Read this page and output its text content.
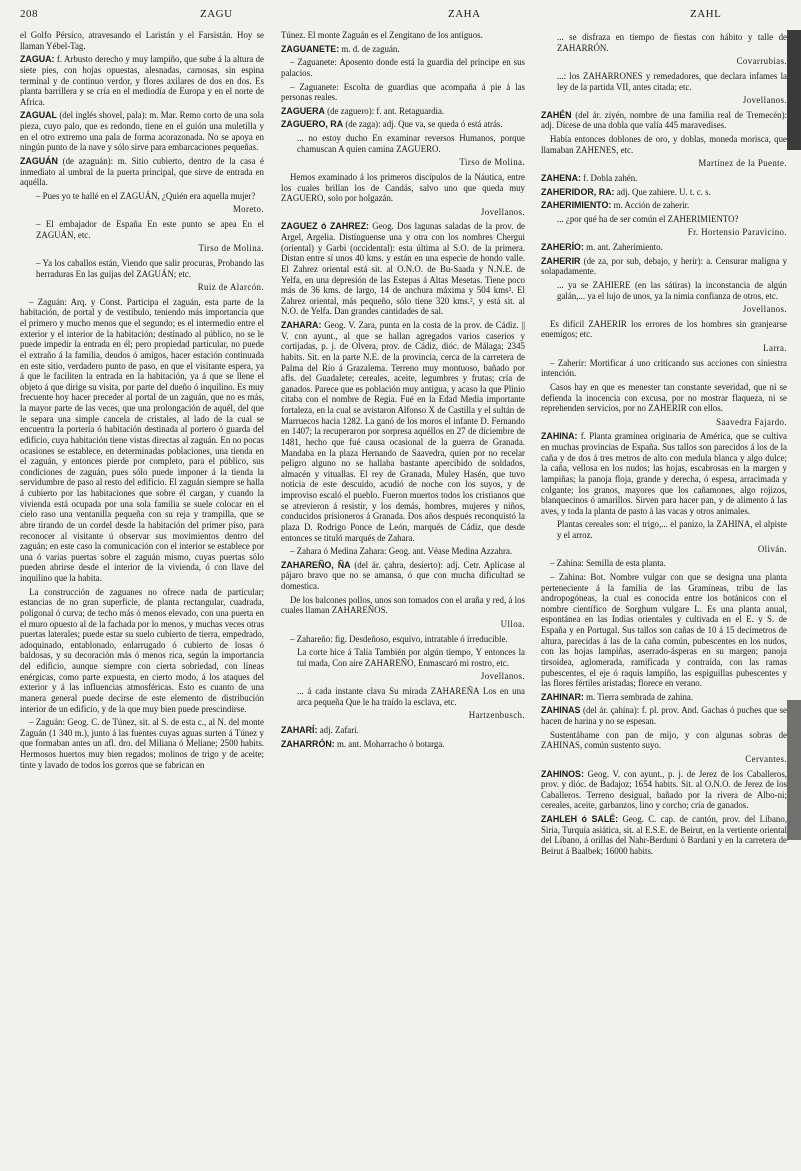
208	ZAGU	ZAHA	ZAHL

el Golfo Pérsico, atravesando el Laristán y el Farsistán. Hoy se llaman Yébel-Tag.

ZAGUA: f. Arbusto derecho y muy lampiño, que sube á la altura de siete pies, con hojas opuestas, alesnadas, carnosas, sin espina terminal y de continuo verdor, y flores axilares de dos en dos. Es planta barrillera y se cría en el mediodía de Europa y en el norte de Africa.

ZAGUAL (del inglés shovel, pala): m. Mar. Remo corto de una sola pieza, cuyo palo, que es redondo, tiene en el guión una muletilla y en el otro extremo una pala de forma acorazonada. No se apoya en ningún punto de la nave y sólo sirve para embarcaciones pequeñas.

ZAGUÁN (de azaguán): m. Sitio cubierto, dentro de la casa é inmediato al umbral de la puerta principal, que sirve de entrada en aquélla.

– Pues yo te hallé en el ZAGUÁN, ¿Quién era aquella mujer?

Moreto.

– El embajador de España En este punto se apea En el ZAGUÁN, etc.

Tirso de Molina.

– Ya los caballos están, Viendo que salir procuras, Probando las herraduras En las guijas del ZAGUÁN; etc.

Ruiz de Alarcón.

– Zaguán: Arq. y Const. Participa el zaguán, esta parte de la habitación, de portal y de vestíbulo, teniendo más importancia que el primero y mucho menos que el segundo; es el intermedio entre el exterior y el interior de la habitación; destinado al público, no se le puede impedir la entrada en él; pero propiedad particular, no puede el extraño á la familia, deudos ó amigos, hacer estación continuada en este sitio, verdadero punto de paso, en que el visitante espera, ya á que le faciliten la entrada en la habitación, ya á que se llene el objeto á que dirige su visita, por parte del dueño ó inquilino. Es muy frecuente hoy hacer preceder al portal de un zaguán, que no es más, la mayor parte de las veces, que una prolongación de aquél, del que le separa una simple cancela de cristales, al lado de la cual se encuentra la portería ó habitación destinada al portero ó guarda del edificio, cuya habitación tiene vistas directas al zaguán. En no pocas ocasiones se establece, en determinadas poblaciones, una tienda en el zaguán, y entonces pierde por completo, para el público, sus condiciones de zaguán, pues sólo puede imponer á la tienda la servidumbre de paso al resto del edificio. El zaguán siempre se halla á cubierto por las habitaciones que sobre él cargan, y cuando la vivienda está ocupada por una sola familia se suele colocar en el cielo raso una ventanilla pequeña con su reja y trampilla, que se abre tirando de un cordel desde la habitación del primer piso, para reconocer al visitante ú observar sus movimientos dentro del zaguán; en este caso la comunicación con el interior se establece por una ó varias puertas sobre el zaguán mismo, cuyas puertas sólo pueden abrirse desde el interior de la vivienda, ó con llave del inquilino que la habita.

La construcción de zaguanes no ofrece nada de particular; estancias de no gran superficie, de planta rectangular, cuadrada, poligonal ó curva; de techo más ó menos elevado, con una puerta en el muro opuesto al de la fachada por lo menos, y muchas veces otras puertas laterales; puede estar su suelo cubierto de tierra, empedrado, adoquinado, entablonado, enlarrugado ó cubierto de losas ó baldosas, y su decoración más ó menos rica, según la importancia del edificio, aunque siempre con cierta sobriedad, con líneas enérgicas, como parte expuesta, en cierto modo, á los ataques del exterior y á las influencias atmosféricas. Esto es cuanto de una manera general puede decirse de este elemento de distribución interior de un edificio, y de la que muy bien puede prescindirse.

– Zaguán: Geog. C. de Túnez, sit. al S. de esta c., al N. del monte Zaguán (1 340 m.), junto á las fuentes cuyas aguas surten á Túnez y que formaban antes un afl. dro. del Miliana ó Meliane; 2500 habits. Hermosos huertos muy bien regados; molinos de trigo y de aceite; tinte y lavado de todos los gorros que se fabrican en

Túnez. El monte Zaguán es el Zengitano de los antiguos.

ZAGUANETE: m. d. de zaguán.

– Zaguanete: Aposento donde está la guardia del príncipe en sus palacios.

– Zaguanete: Escolta de guardias que acompaña á pie á las personas reales.

ZAGUERA (de zaguero): f. ant. Retaguardia.

ZAGUERO, RA (de zaga): adj. Que va, se queda ó está atrás.

... no estoy ducho En examinar reversos Humanos, porque chamuscan A quien camina ZAGUERO.

Tirso de Molina.

Hemos examinado á los primeros discípulos de la Náutica, entre los cuales brillan los de Candás, salvo uno que queda muy ZAGUERO, solo por holgazán.

Jovellanos.

ZAGUEZ ó ZAHREZ: Geog. Dos lagunas saladas de la prov. de Argel, Argelia. Distínguense una y otra con los nombres Chergui (oriental) y Garbi (occidental): esta última al S.O. de la primera. Distan entre sí unos 40 kms. y están en una especie de hondo valle. El Zahrez oriental está sit. al O.N.O. de Bu-Saada y N.N.E. de Yelfa, en una depresión de las Estepas á Altas Mesetas. Tiene poco más de 36 kms. de largo, 14 de anchura máxima y 504 kms². El Zahrez oriental, más pequeño, sólo tiene 320 kms.², y está sit. al N.O. de Yelfa. Dan grandes cantidades de sal.

ZAHARA: Geog. V. Zara, punta en la costa de la prov. de Cádiz. || V. con ayunt., al que se hallan agregados varios caseríos y cortijadas, p. j. de Olvera, prov. de Cádiz, dióc. de Málaga; 2345 habits. Sit. en la parte N.E. de la provincia, cerca de la carretera de Palma del Río á Grazalema. Terreno muy montuoso, bañado por afls. del Guadalete; cereales, aceite, legumbres y frutas; cría de ganados. Parece que es población muy antigua, y acaso la que Plinio citaba con el nombre de Regia. Fué en la Edad Media importante fortaleza, en la cual se avistaron Alfonso X de Castilla y el sultán de Marruecos hacia 1282. La ganó de los moros el infante D. Fernando en 1407; la recuperaron por sorpresa aquéllos en 27 de diciembre de 1481, hecho que fué causa ocasional de la guerra de Granada. Mandaba en la plaza Hernando de Saavedra, quien por no recelar peligro alguno no se hallaba bastante apercibido de soldados, almacén y vituallas. El rey de Granada, Muley Hasén, que tuvo noticia de este descuido, acudió de noche con los suyos, y de improviso escaló el pueblo. Fueron muertos todos los cristianos que se atrevieron á resistir, y los demás, hombres, mujeres y niños, conducidos prisioneros á Granada. Dos años después reconquistó la plaza D. Rodrigo Ponce de León, marqués de Cádiz, que desde entonces se tituló marqués de Zahara.

– Zahara ó Medina Zahara: Geog. ant. Véase Medina Azzahra.

ZAHAREÑO, ÑA (del ár. çahra, desierto): adj. Cetr. Aplícase al pájaro bravo que no se amansa, ó que con mucha dificultad se domestica.

De los balcones pollos, unos son tomados con el araña y red, á los cuales llaman ZAHAREÑOS.

Ulloa.

– Zahareño: fig. Desdeñoso, esquivo, intratable ó irreducible.

La corte hice á Talía También por algún tiempo, Y entonces la tuí mada, Con aire ZAHAREÑO, Enmascaró mi rostro, etc.

Jovellanos.

... á cada instante clava Su mirada ZAHAREÑA Los en una arca pequeña Que le ha traído la esclava, etc.

Hartzenbusch.

ZAHARÍ: adj. Zafarí.

ZAHARRÓN: m. ant. Moharracho ó botarga.

... se disfraza en tiempo de fiestas con hábito y talle de ZAHARRÓN.

Covarrubias.

...: los ZAHARRONES y remedadores, que declara infames la ley de la partida VII, antes citada; etc.

Jovellanos.

ZAHÉN (del ár. ziyén, nombre de una familia real de Tremecén): adj. Dícese de una dobla que valía 445 maravedises.

Había entonces doblones de oro, y doblas, moneda morisca, que llamaban ZAHENES, etc.

Martínez de la Puente.

ZAHENA: f. Dobla zahén.

ZAHERIDOR, RA: adj. Que zahiere. U. t. c. s.

ZAHERIMIENTO: m. Acción de zaherir.

... ¿por qué ha de ser común el ZAHERIMIENTO?

Fr. Hortensio Paravicino.

ZAHERÍO: m. ant. Zaherimiento.

ZAHERIR (de za, por sub, debajo, y herir): a. Censurar maligna y solapadamente.

... ya se ZAHIERE (en las sátiras) la inconstancia de algún galán,... ya el lujo de unos, ya la nimia confianza de otros, etc.

Jovellanos.

Es difícil ZAHERIR los errores de los hombres sin granjearse enemigos; etc.

Larra.

– Zaherir: Mortificar á uno criticando sus acciones con siniestra intención.

Casos hay en que es menester tan constante severidad, que ni se defienda la inocencia con excusa, por no mostrar flaqueza, ni se reprehenden servicios, por no ZAHERIR con ellos.

Saavedra Fajardo.

ZAHINA: f. Planta gramínea originaria de América, que se cultiva en muchas provincias de España. Sus tallos son parecidos á los de la caña y de dos á tres metros de alto con medula blanca y algo dulce; la caña, vellosa en los nudos; las hojas, escabrosas en la margen y lampiñas; la panoja floja, grande y derecha, ó espesa, arracimada y colgante; los granos, mayores que los cañamones, algo rojizos, blanquecinos ó amarillos. Sirven para hacer pan, y de alimento á las aves, y toda la planta de pasto á las vacas y otros animales.

Plantas cereales son: el trigo,... el panizo, la ZAHINA, el alpiste y el arroz.

Oliván.

– Zahina: Semilla de esta planta.

– Zahina: Bot. Nombre vulgar con que se designa una planta perteneciente á la familia de las Gramíneas, tribu de las andropogóneas, la cual es conocida entre los botánicos con el nombre científico de Sorghum vulgare L. Es una planta anual, espontánea en las Indias orientales y cultivada en el E. y S. de España y en Portugal. Sus tallos son cañas de 10 á 15 decímetros de altura, parecidas á las de la caña común, pubescentes en los nudos, con las hojas lampiñas, aserrado-ásperas en su margen; panoja tirsoidea, aglomerada, ramificada y contraída, con las ramas pubescentes, el eje ó raquis lampiño, las espiguillas pubescentes y las flores fértiles aristadas; florece en verano.

ZAHINAR: m. Tierra sembrada de zahina.

ZAHINAS (del ár. çahína): f. pl. prov. And. Gachas ó puches que se hacen de harina y no se espesan.

Sustentábame con pan de mijo, y con algunas sobras de ZAHINAS, común sustento suyo.

Cervantes.

ZAHINOS: Geog. V. con ayunt., p. j. de Jerez de los Caballeros, prov. y dióc. de Badajoz; 1654 habits. Sit. al O.N.O. de Jerez de los Caballeros. Terreno desigual, bañado por la rivera de Albo-ni; cereales, aceite, garbanzos, lino y corcho; cría de ganados.

ZAHLEH ó SALÉ: Geog. C. cap. de cantón, prov. del Líbano, Siria, Turquía asiática, sit. al E.S.E. de Beirut, en la vertiente oriental del Líbano, á orillas del Nahr-Berduni ó Bardani y en la carretera de Beirut á Baalbek; 16000 habits.
